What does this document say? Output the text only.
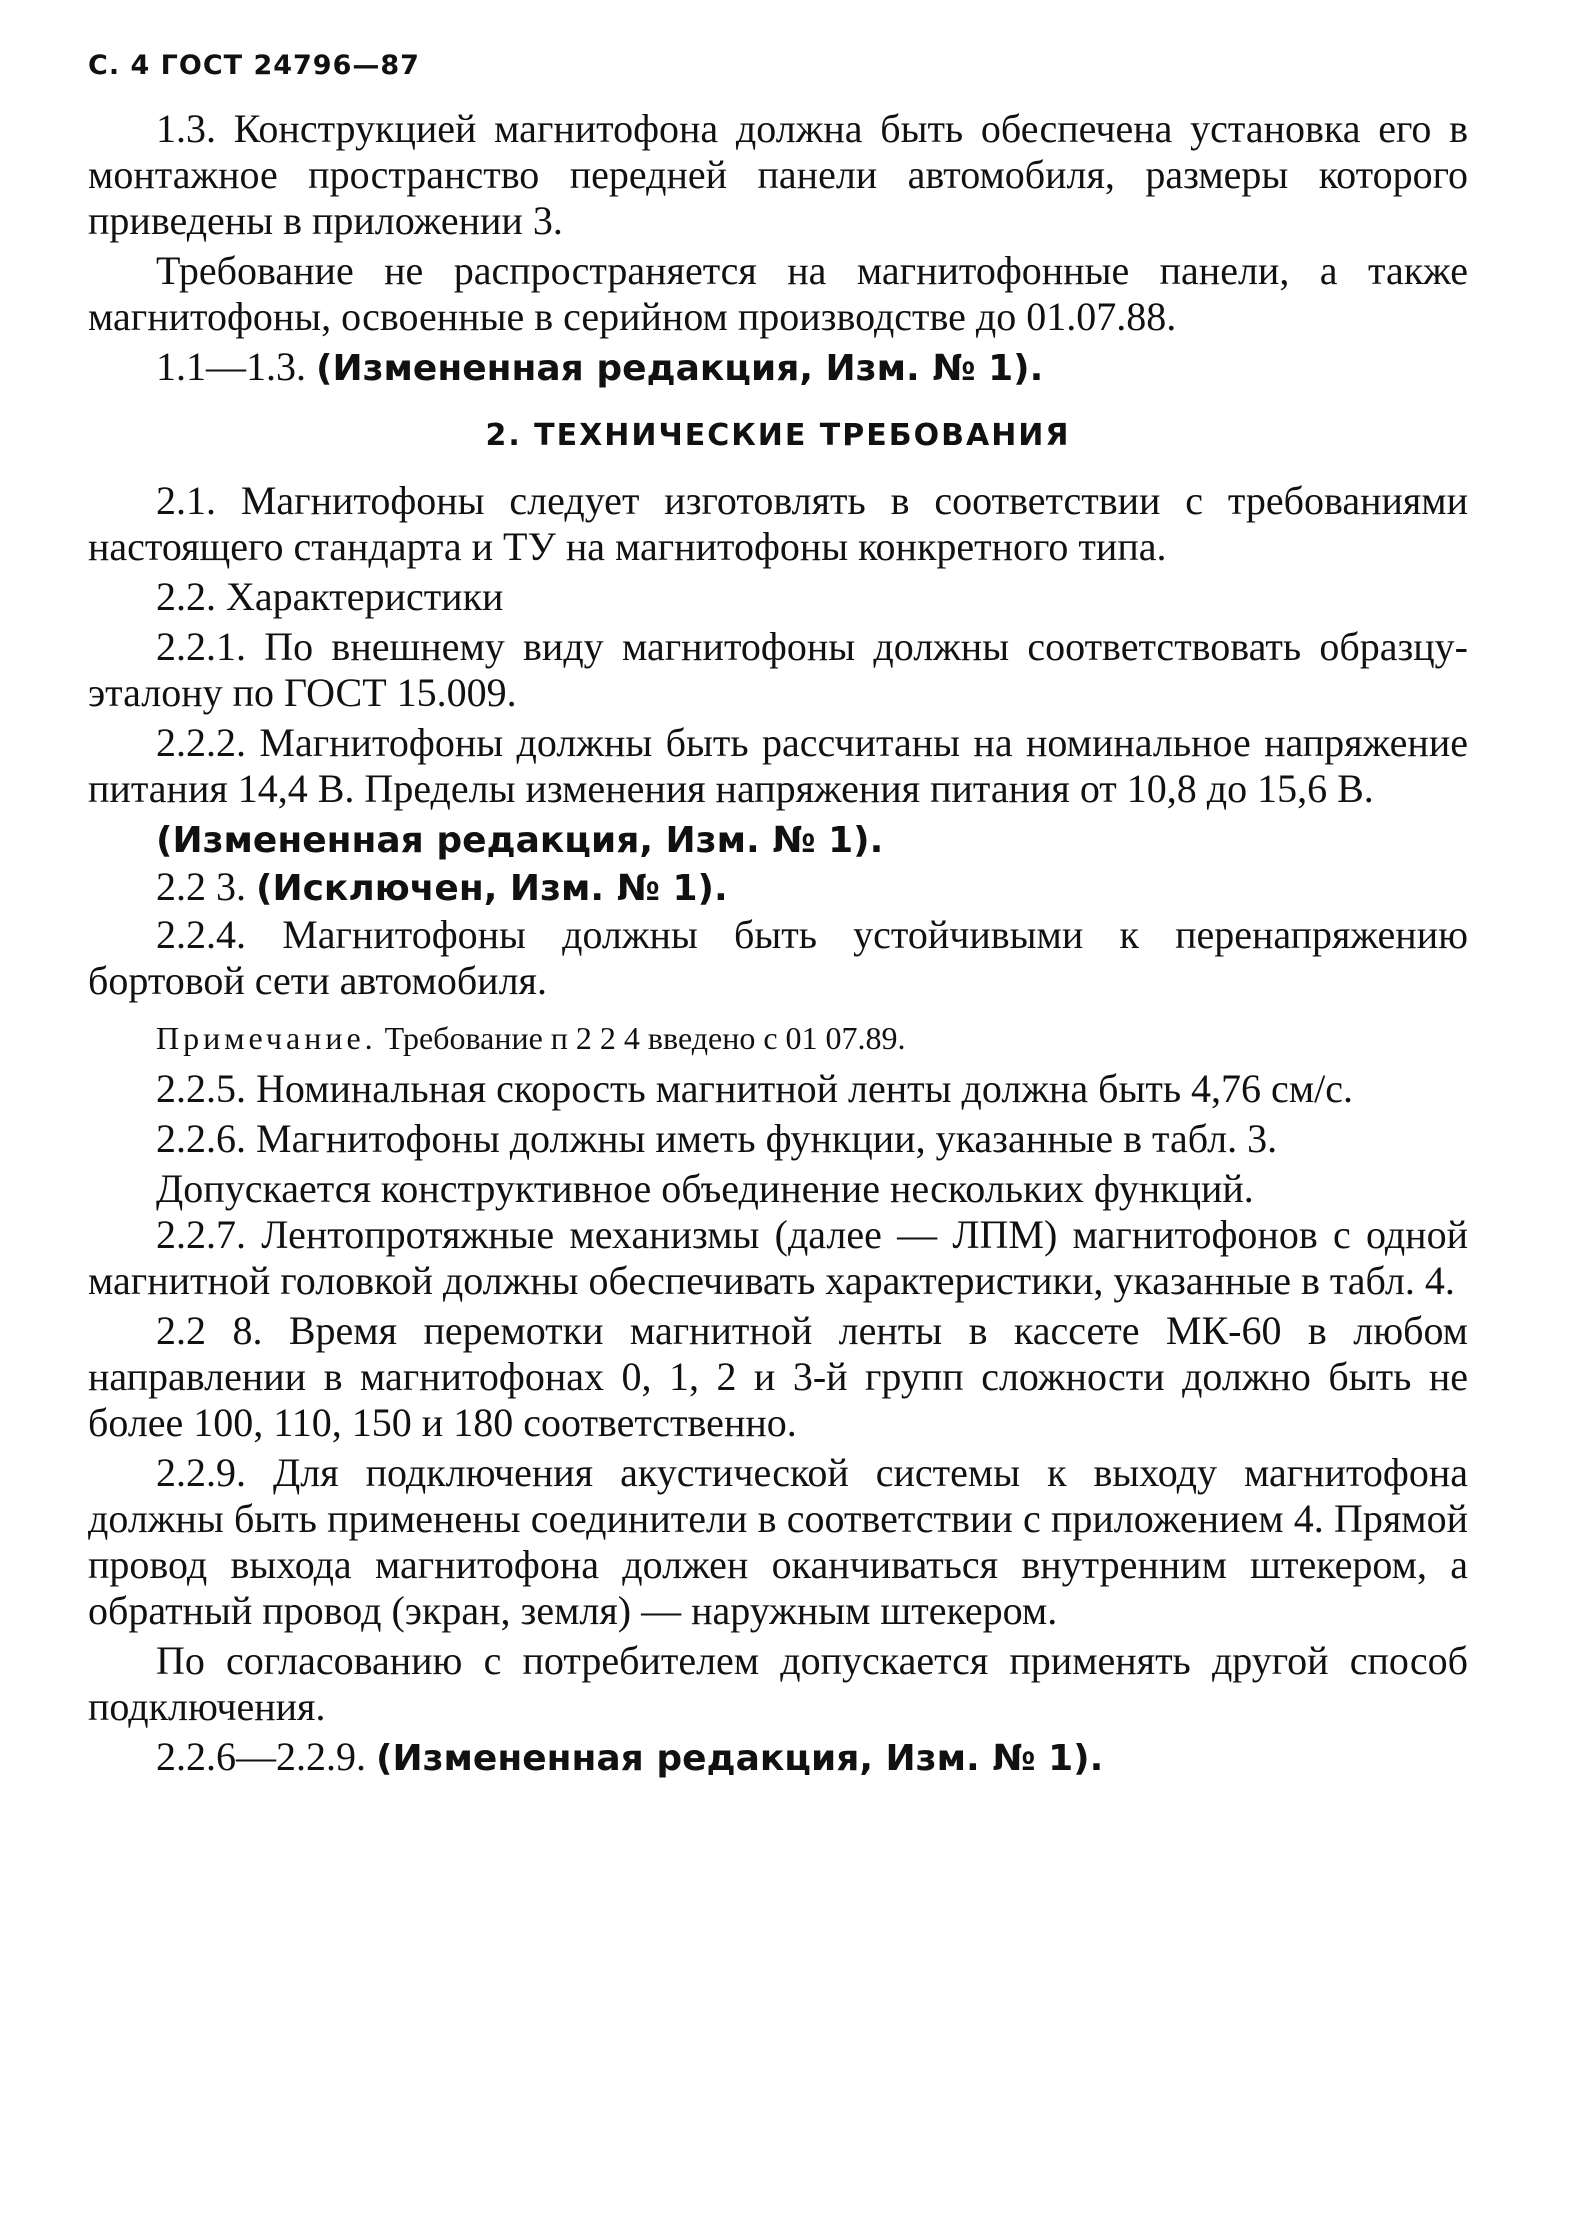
С. 4 ГОСТ 24796—87

1.3. Конструкцией магнитофона должна быть обеспечена установка его в монтажное пространство передней панели автомобиля, размеры которого приведены в приложении 3.

Требование не распространяется на магнитофонные панели, а также магнитофоны, освоенные в серийном производстве до 01.07.88.

1.1—1.3. (Измененная редакция, Изм. № 1).

2. ТЕХНИЧЕСКИЕ ТРЕБОВАНИЯ

2.1. Магнитофоны следует изготовлять в соответствии с требованиями настоящего стандарта и ТУ на магнитофоны конкретного типа.

2.2. Характеристики

2.2.1. По внешнему виду магнитофоны должны соответствовать образцу-эталону по ГОСТ 15.009.

2.2.2. Магнитофоны должны быть рассчитаны на номинальное напряжение питания 14,4 В. Пределы изменения напряжения питания от 10,8 до 15,6 В.

(Измененная редакция, Изм. № 1).

2.2 3. (Исключен, Изм. № 1).

2.2.4. Магнитофоны должны быть устойчивыми к перенапряжению бортовой сети автомобиля.

Примечание. Требование п 2 2 4 введено с 01 07.89.

2.2.5. Номинальная скорость магнитной ленты должна быть 4,76 см/с.

2.2.6. Магнитофоны должны иметь функции, указанные в табл. 3.

Допускается конструктивное объединение нескольких функций.

2.2.7. Лентопротяжные механизмы (далее — ЛПМ) магнитофонов с одной магнитной головкой должны обеспечивать характеристики, указанные в табл. 4.

2.2 8. Время перемотки магнитной ленты в кассете МК-60 в любом направлении в магнитофонах 0, 1, 2 и 3-й групп сложности должно быть не более 100, 110, 150 и 180 соответственно.

2.2.9. Для подключения акустической системы к выходу магнитофона должны быть применены соединители в соответствии с приложением 4. Прямой провод выхода магнитофона должен оканчиваться внутренним штекером, а обратный провод (экран, земля) — наружным штекером.

По согласованию с потребителем допускается применять другой способ подключения.

2.2.6—2.2.9. (Измененная редакция, Изм. № 1).
